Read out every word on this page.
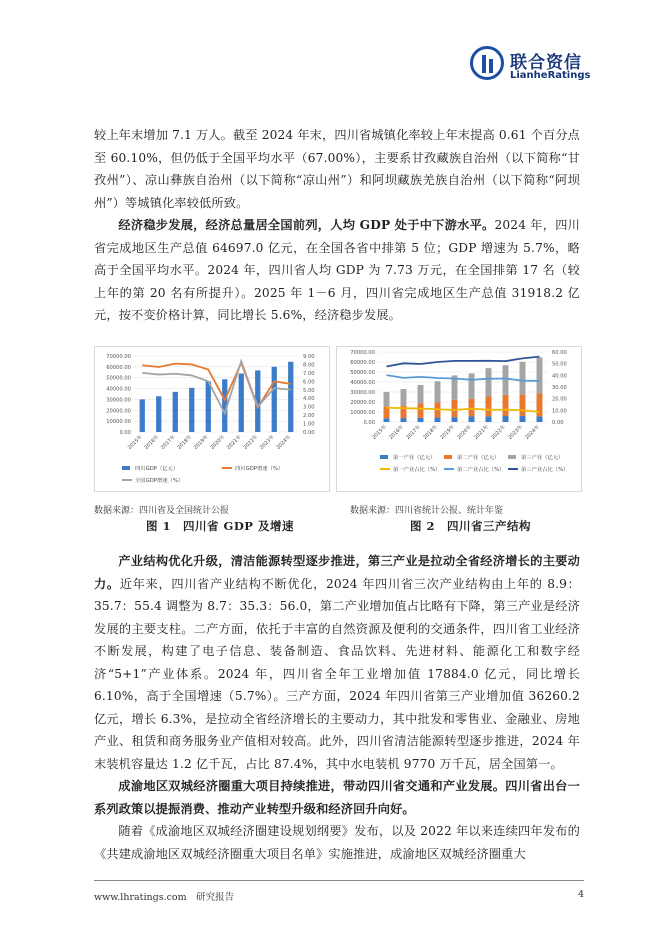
联合资信
LianheRatings

较上年末增加 7.1 万人。截至 2024 年末，四川省城镇化率较上年末提高 0.61 个百分点至 60.10%，但仍低于全国平均水平（67.00%），主要系甘孜藏族自治州（以下简称“甘孜州”）、凉山彝族自治州（以下简称“凉山州”）和阿坝藏族羌族自治州（以下简称“阿坝州”）等城镇化率较低所致。

经济稳步发展，经济总量居全国前列，人均 GDP 处于中下游水平。2024 年，四川省完成地区生产总值 64697.0 亿元，在全国各省中排第 5 位；GDP 增速为 5.7%，略高于全国平均水平。2024 年，四川省人均 GDP 为 7.73 万元，在全国排第 17 名（较上年的第 20 名有所提升）。2025 年 1－6 月，四川省完成地区生产总值 31918.2 亿元，按不变价格计算，同比增长 5.6%，经济稳步发展。

0.00
10000.00
20000.00
30000.00
40000.00
50000.00
60000.00
70000.00
0.00
1.00
2.00
3.00
4.00
5.00
6.00
7.00
8.00
9.00
2015年 2016年 2017年 2018年 2019年 2020年 2021年 2022年 2023年 2024年
四川GDP（亿元）	四川GDP增速（%）
全国GDP增速（%）
0.00
10000.00
20000.00
30000.00
40000.00
50000.00
60000.00
70000.00
0.00
10.00
20.00
30.00
40.00
50.00
60.00
2015年 2016年 2017年 2018年 2019年 2020年 2021年 2022年 2023年 2024年
第一产业（亿元）	第二产业（亿元）	第三产业（亿元）
第一产业占比（%）	第二产业占比（%）	第三产业占比（%）
数据来源：四川省及全国统计公报	数据来源：四川省统计公报、统计年鉴
图 1　四川省 GDP 及增速	图 2　四川省三产结构

产业结构优化升级，清洁能源转型逐步推进，第三产业是拉动全省经济增长的主要动力。近年来，四川省产业结构不断优化，2024 年四川省三次产业结构由上年的 8.9：35.7：55.4 调整为 8.7：35.3：56.0，第二产业增加值占比略有下降，第三产业是经济发展的主要支柱。二产方面，依托于丰富的自然资源及便利的交通条件，四川省工业经济不断发展，构建了电子信息、装备制造、食品饮料、先进材料、能源化工和数字经济“5+1”产业体系。2024 年，四川省全年工业增加值 17884.0 亿元，同比增长 6.10%，高于全国增速（5.7%）。三产方面，2024 年四川省第三产业增加值 36260.2 亿元，增长 6.3%，是拉动全省经济增长的主要动力，其中批发和零售业、金融业、房地产业、租赁和商务服务业产值相对较高。此外，四川省清洁能源转型逐步推进，2024 年末装机容量达 1.2 亿千瓦，占比 87.4%，其中水电装机 9770 万千瓦，居全国第一。

成渝地区双城经济圈重大项目持续推进，带动四川省交通和产业发展。四川省出台一系列政策以提振消费、推动产业转型升级和经济回升向好。

随着《成渝地区双城经济圈建设规划纲要》发布，以及 2022 年以来连续四年发布的《共建成渝地区双城经济圈重大项目名单》实施推进，成渝地区双城经济圈重大

www.lhratings.com　 研究报告	4
